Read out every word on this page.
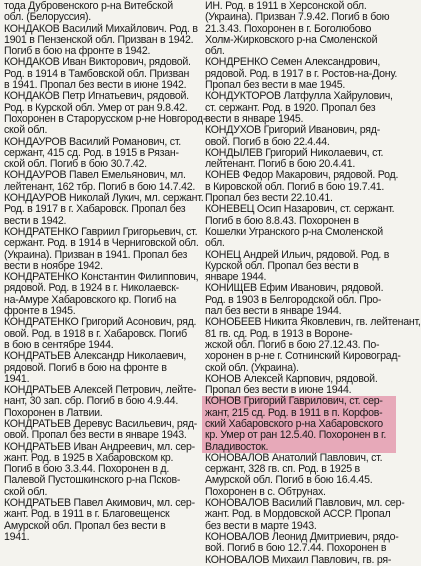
тода Дубровенского р-на Витебской
обл. (Белоруссия).
КОНДАКОВ Василий Михайлович. Род. в
1901 в Пензенской обл. Призван в 1942.
Погиб в бою на фронте в 1942.
КОНДАКОВ Иван Викторович, рядовой.
Род. в 1914 в Тамбовской обл. Призван
в 1941. Пропал без вести в июне 1942.
КОНДАКОВ Петр Игнатьевич, рядовой.
Род. в Курской обл. Умер от ран 9.8.42.
Похоронен в Старорусском р-не Новгород-
ской обл.
КОНДАУРОВ Василий Романович, ст.
сержант, 415 сд. Род. в 1915 в Рязан-
ской обл. Погиб в бою 30.7.42.
КОНДАУРОВ Павел Емельянович, мл.
лейтенант, 162 тбр. Погиб в бою 14.7.42.
КОНДАУРОВ Николай Лукич, мл. сержант.
Род. в 1917 в г. Хабаровск. Пропал без
вести в 1942.
КОНДРАТЕНКО Гавриил Григорьевич, ст.
сержант. Род. в 1914 в Черниговской обл.
(Украина). Призван в 1941. Пропал без
вести в ноябре 1942.
КОНДРАТЕНКО Константин Филиппович,
рядовой. Род. в 1924 в г. Николаевск-
на-Амуре Хабаровского кр. Погиб на
фронте в 1945.
КОНДРАТЕНКО Григорий Асонович, ряд.
овой. Род. в 1918 в г. Хабаровск. Погиб
в бою в сентябре 1944.
КОНДРАТЬЕВ Александр Николаевич,
рядовой. Погиб в бою на фронте в
1941.
КОНДРАТЬЕВ Алексей Петрович, лейте-
нант, 30 зап. сбр. Погиб в бою 4.9.44.
Похоронен в Латвии.
КОНДРАТЬЕВ Деревус Васильевич, ряд-
овой. Пропал без вести в январе 1943.
КОНДРАТЬЕВ Иван Андреевич, мл. сер-
жант. Род. в 1925 в Хабаровском кр.
Погиб в бою 3.3.44. Похоронен в д.
Палевой Пустошкинского р-на Псков-
ской обл.
КОНДРАТЬЕВ Павел Акимович, мл. сер-
жант. Род. в 1911 в г. Благовещенск
Амурской обл. Пропал без вести в
1941.
ИН. Род. в 1911 в Херсонской обл.
(Украина). Призван 7.9.42. Погиб в бою
21.3.43. Похоронен в г. Боголюбово
Холм-Жирковского р-на Смоленской
обл.
КОНДРЕНКО Семен Александрович,
рядовой. Род. в 1917 в г. Ростов-на-Дону.
Пропал без вести в мае 1945.
КОНДУКТОРОВ Латфулла Хайрулович,
ст. сержант. Род. в 1920. Пропал без
вести в январе 1945.
КОНДУХОВ Григорий Иванович, ряд-
овой. Погиб в бою 22.4.44.
КОНДЫЛЕВ Григорий Николаевич, ст.
лейтенант. Погиб в бою 20.4.41.
КОНЕВ Федор Макарович, рядовой. Род.
в Кировской обл. Погиб в бою 19.7.41.
Пропал без вести 22.10.41.
КОНЕВЕЦ Осип Назарович, ст. сержант.
Погиб в бою 8.8.43. Похоронен в
Кошелки Угранского р-на Смоленской
обл.
КОНЕЦ Андрей Ильич, рядовой. Род. в
Курской обл. Пропал без вести в
январе 1944.
КОНИЩЕВ Ефим Иванович, рядовой.
Род. в 1903 в Белгородской обл. Про-
пал без вести в январе 1944.
КОНОБЕЕВ Никита Яковлевич, гв. лейтенант,
81 гв. сд. Род. в 1913 в Вороне-
жской обл. Погиб в бою 27.12.43. По-
хоронен в р-не г. Сотнинский Кировоград-
ской обл. (Украина).
КОНОВ Алексей Карпович, рядовой.
Пропал без вести в июне 1944.
КОНОВ Григорий Гаврилович, ст. сер-
жант, 215 сд. Род. в 1911 в п. Корфов-
ский Хабаровского р-на Хабаровского
кр. Умер от ран 12.5.40. Похоронен в г.
Владивосток.
КОНОВАЛОВ Анатолий Павлович, ст.
сержант, 328 гв. сп. Род. в 1925 в
Амурской обл. Погиб в бою 16.4.45.
Похоронен в с. Обтрунах.
КОНОВАЛОВ Василий Павлович, мл. сер-
жант. Род. в Мордовской АССР. Пропал
без вести в марте 1943.
КОНОВАЛОВ Леонид Дмитриевич, рядо-
вой. Погиб в бою 12.7.44. Похоронен в
КОНОВАЛОВ Михаил Павлович, гв. ря-
